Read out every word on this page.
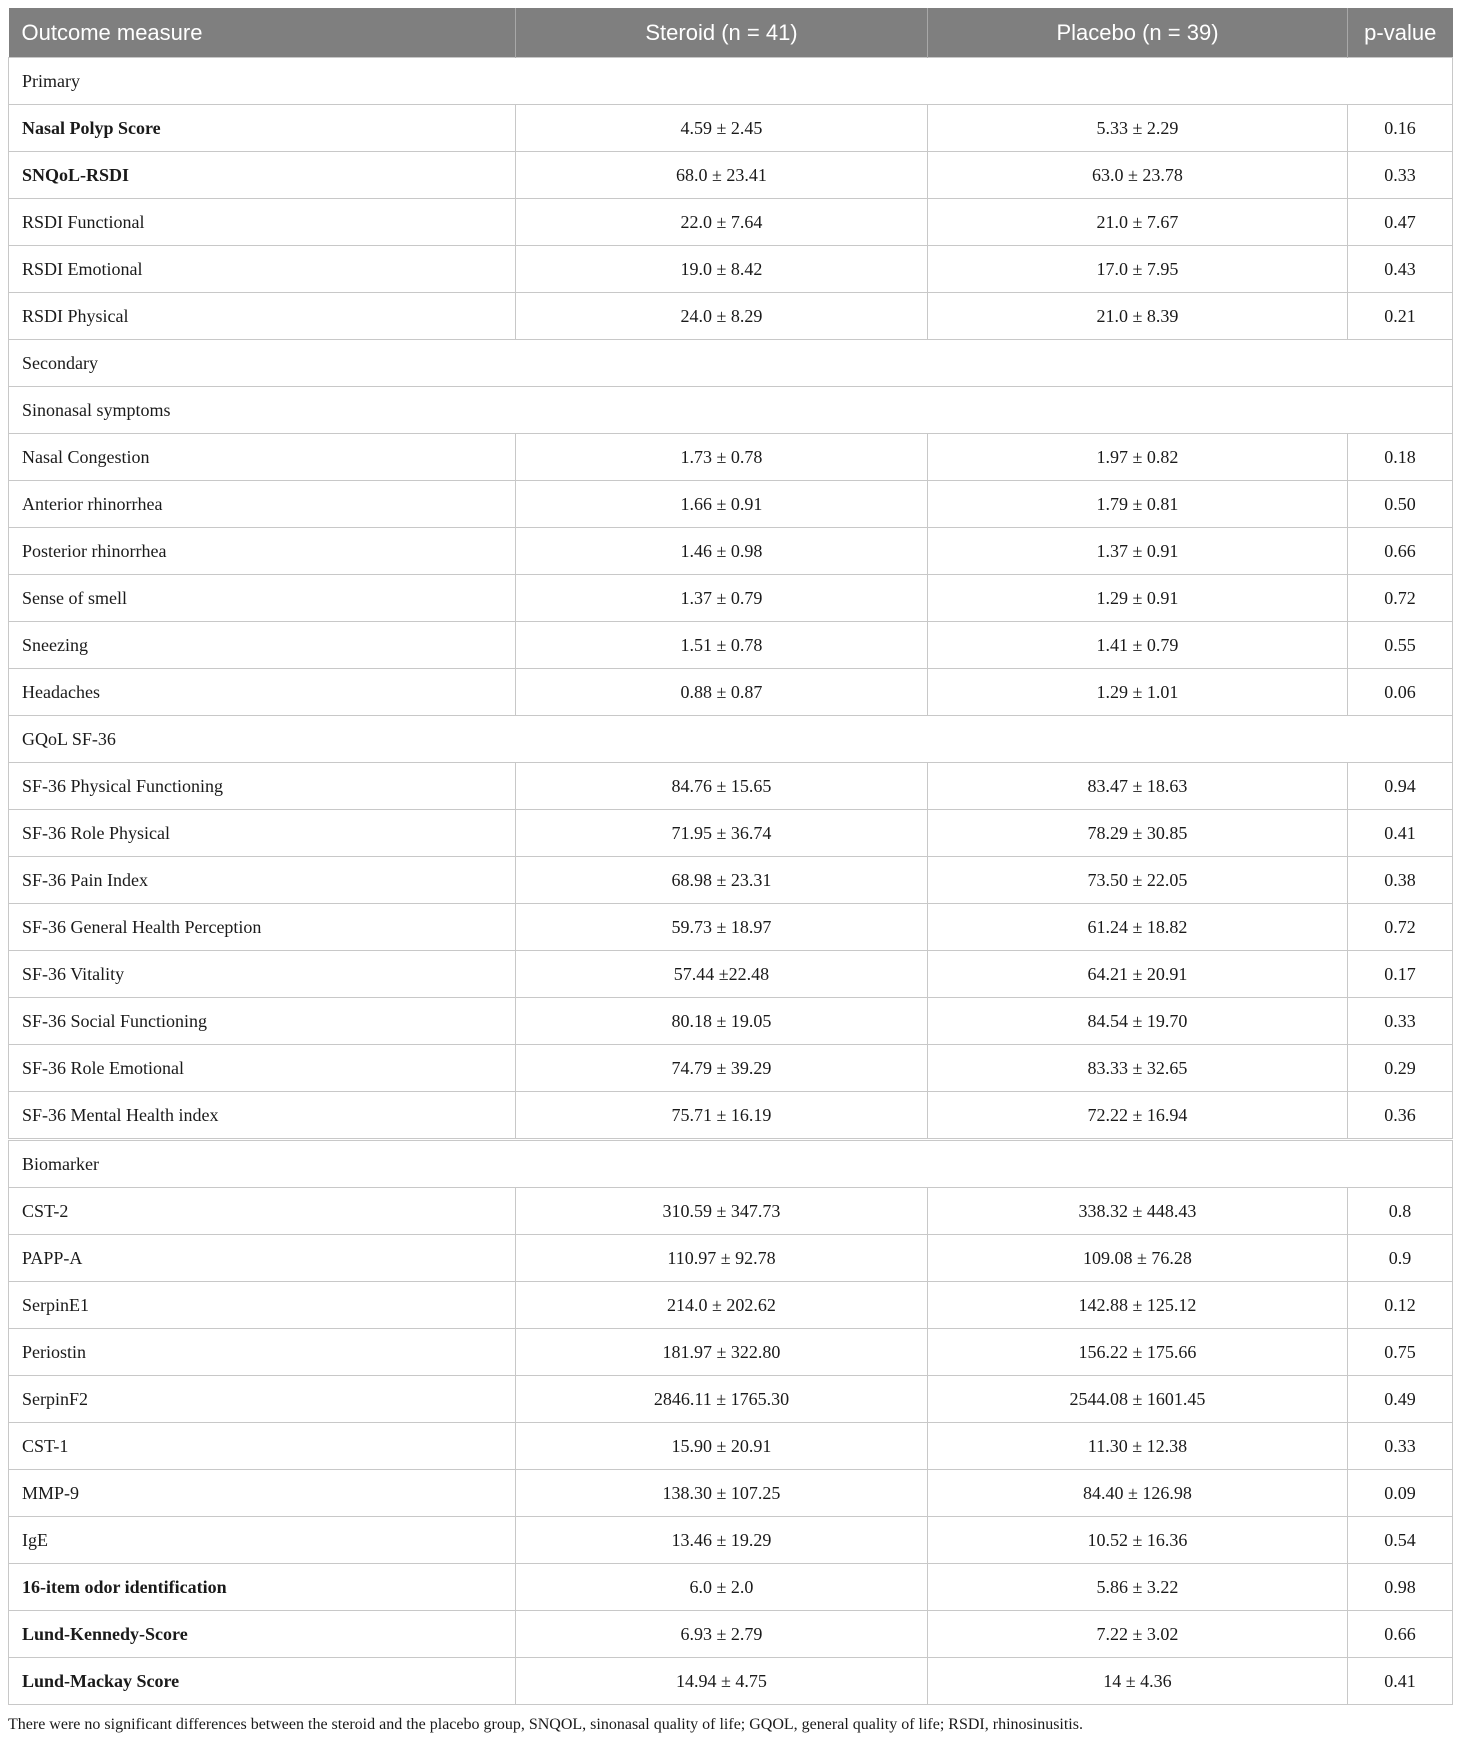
Outcome measure	Steroid (n = 41)	Placebo (n = 39)	p-value
Primary			
Nasal Polyp Score	4.59 ± 2.45	5.33 ± 2.29	0.16
SNQoL-RSDI	68.0 ± 23.41	63.0 ± 23.78	0.33
RSDI Functional	22.0 ± 7.64	21.0 ± 7.67	0.47
RSDI Emotional	19.0 ± 8.42	17.0 ± 7.95	0.43
RSDI Physical	24.0 ± 8.29	21.0 ± 8.39	0.21
Secondary			
Sinonasal symptoms			
Nasal Congestion	1.73 ± 0.78	1.97 ± 0.82	0.18
Anterior rhinorrhea	1.66 ± 0.91	1.79 ± 0.81	0.50
Posterior rhinorrhea	1.46 ± 0.98	1.37 ± 0.91	0.66
Sense of smell	1.37 ± 0.79	1.29 ± 0.91	0.72
Sneezing	1.51 ± 0.78	1.41 ± 0.79	0.55
Headaches	0.88 ± 0.87	1.29 ± 1.01	0.06
GQoL SF-36			
SF-36 Physical Functioning	84.76 ± 15.65	83.47 ± 18.63	0.94
SF-36 Role Physical	71.95 ± 36.74	78.29 ± 30.85	0.41
SF-36 Pain Index	68.98 ± 23.31	73.50 ± 22.05	0.38
SF-36 General Health Perception	59.73 ± 18.97	61.24 ± 18.82	0.72
SF-36 Vitality	57.44 ±22.48	64.21 ± 20.91	0.17
SF-36 Social Functioning	80.18 ± 19.05	84.54 ± 19.70	0.33
SF-36 Role Emotional	74.79 ± 39.29	83.33 ± 32.65	0.29
SF-36 Mental Health index	75.71 ± 16.19	72.22 ± 16.94	0.36
Biomarker			
CST-2	310.59 ± 347.73	338.32 ± 448.43	0.8
PAPP-A	110.97 ± 92.78	109.08 ± 76.28	0.9
SerpinE1	214.0 ± 202.62	142.88 ± 125.12	0.12
Periostin	181.97 ± 322.80	156.22 ± 175.66	0.75
SerpinF2	2846.11 ± 1765.30	2544.08 ± 1601.45	0.49
CST-1	15.90 ± 20.91	11.30 ± 12.38	0.33
MMP-9	138.30 ± 107.25	84.40 ± 126.98	0.09
IgE	13.46 ± 19.29	10.52 ± 16.36	0.54
16-item odor identification	6.0 ± 2.0	5.86 ± 3.22	0.98
Lund-Kennedy-Score	6.93 ± 2.79	7.22 ± 3.02	0.66
Lund-Mackay Score	14.94 ± 4.75	14 ± 4.36	0.41
There were no significant differences between the steroid and the placebo group, SNQOL, sinonasal quality of life; GQOL, general quality of life; RSDI, rhinosinusitis.
